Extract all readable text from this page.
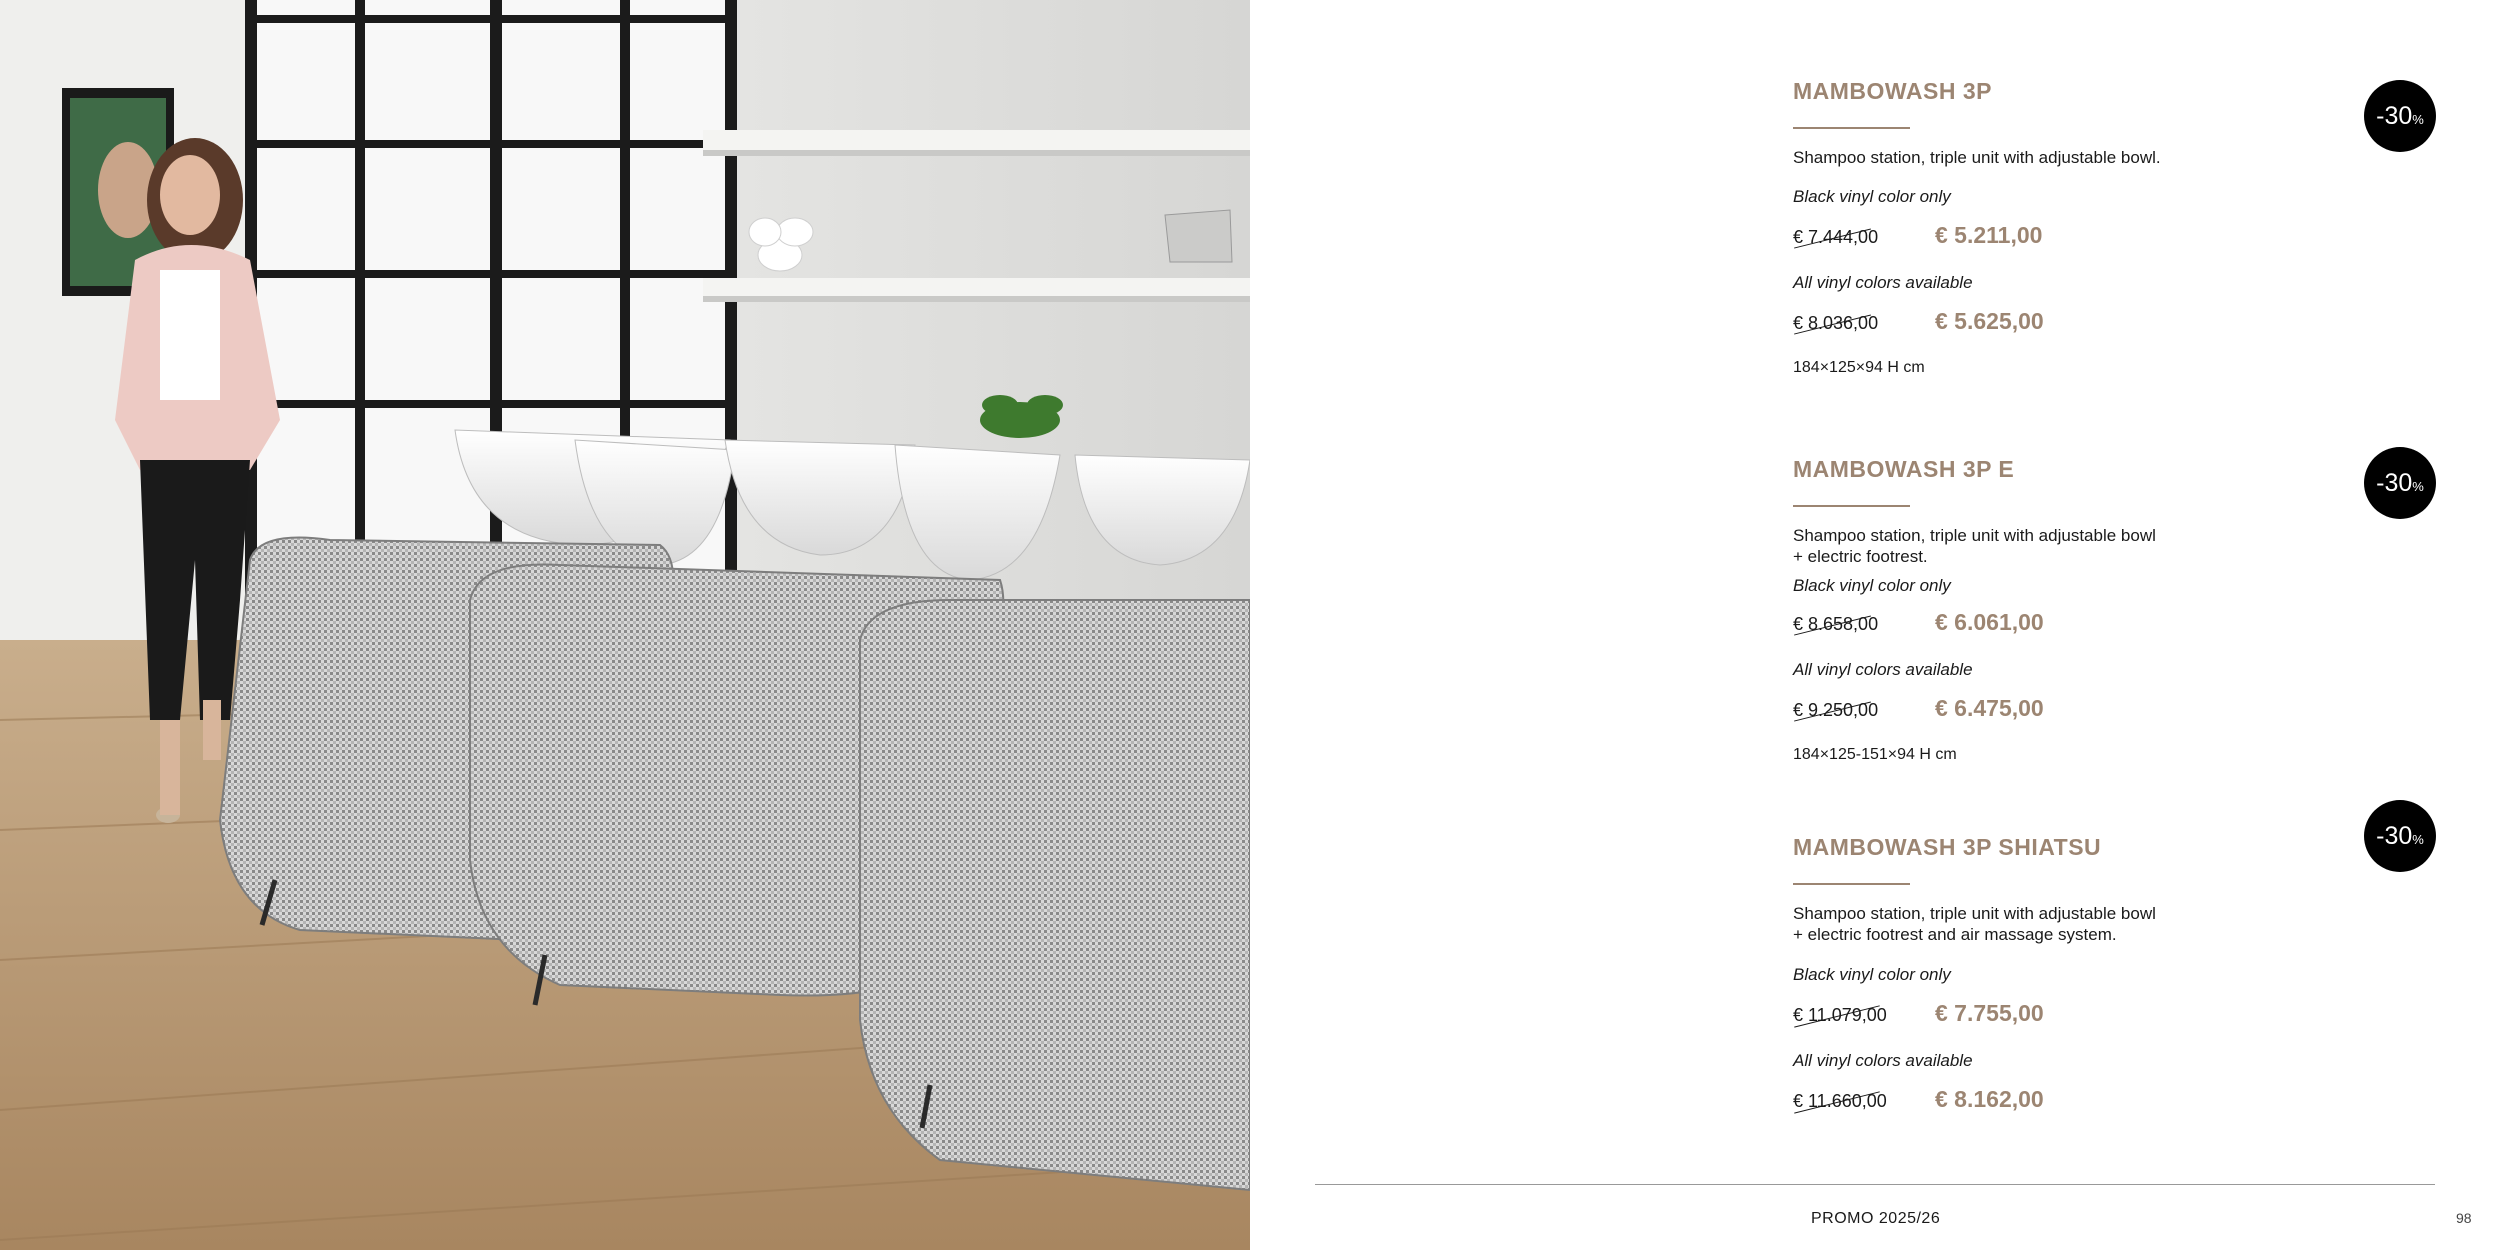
-30 %
MAMBOWASH 3P
Shampoo station, triple unit with adjustable bowl.
Black vinyl color only
€ 7.444,00 € 5.211,00
All vinyl colors available
€ 8.036,00 € 5.625,00
184×125×94 H cm
-30 %
MAMBOWASH 3P E
Shampoo station, triple unit with adjustable bowl
+ electric footrest.
Black vinyl color only
€ 8.658,00 € 6.061,00
All vinyl colors available
€ 9.250,00 € 6.475,00
184×125-151×94 H cm
-30 %
MAMBOWASH 3P SHIATSU
Shampoo station, triple unit with adjustable bowl
+ electric footrest and air massage system.
Black vinyl color only
€ 11.079,00 € 7.755,00
All vinyl colors available
€ 11.660,00 € 8.162,00
PROMO 2025/26	98
